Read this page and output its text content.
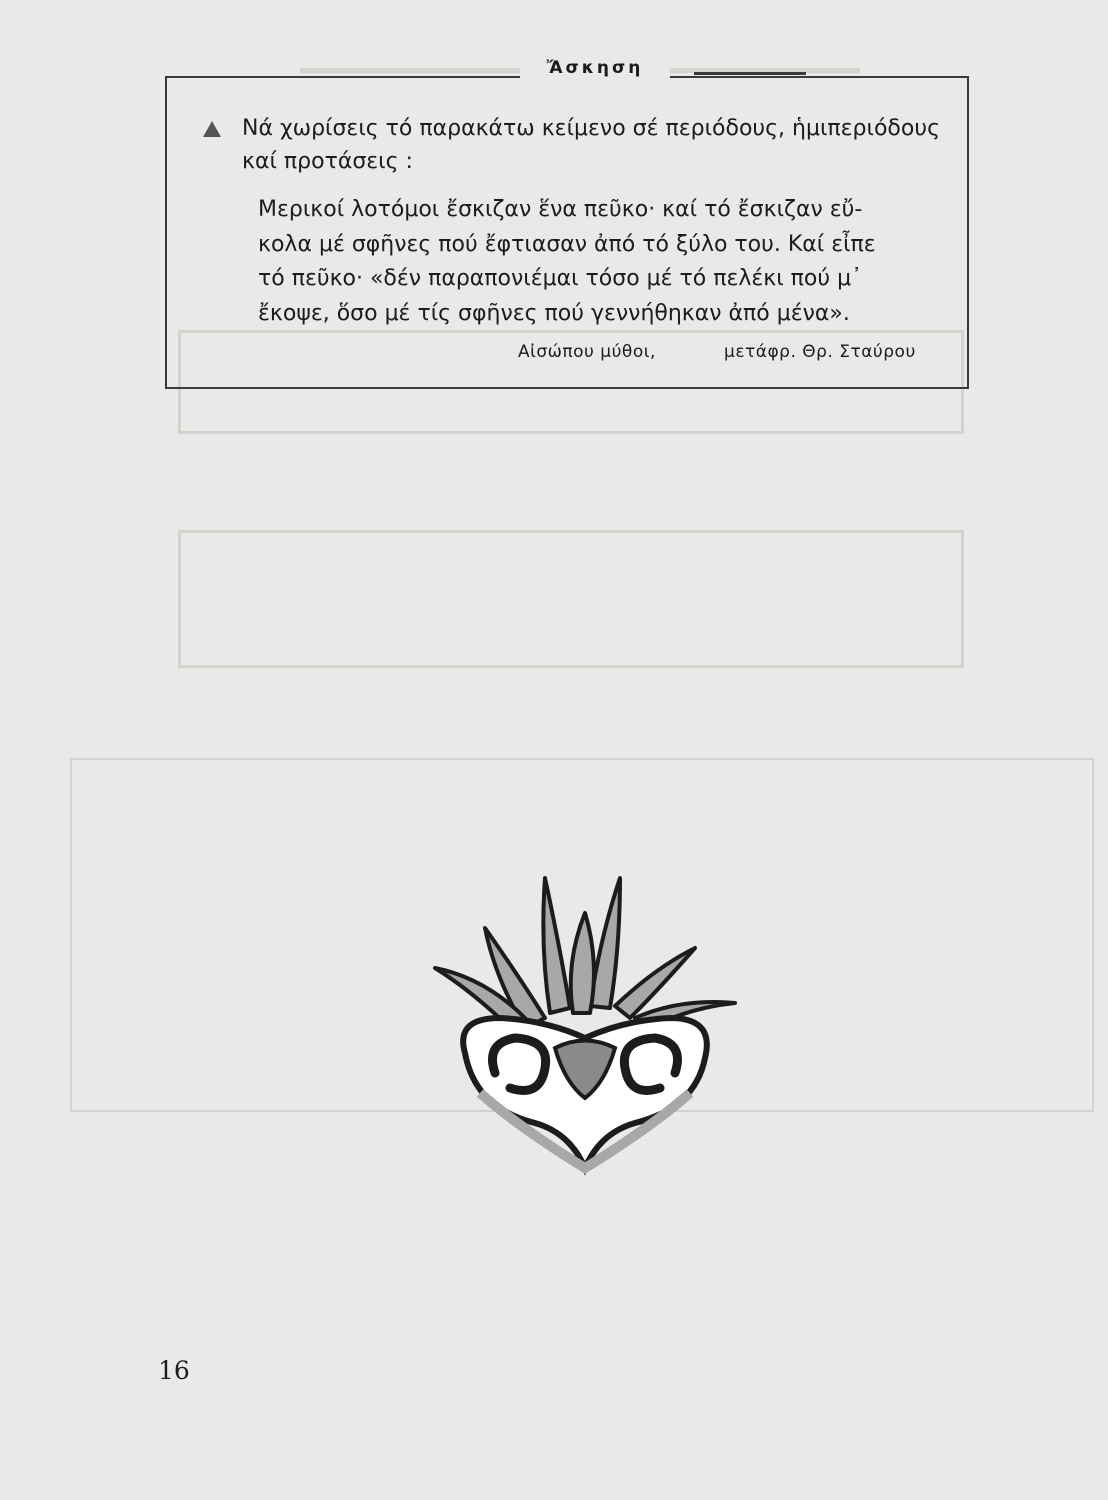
Ἄσκηση
Νά χωρίσεις τό παρακάτω κείμενο σέ περιόδους, ἡμιπεριόδους καί προτάσεις :
Μερικοί λοτόμοι ἔσκιζαν ἕνα πεῦκο· καί τό ἔσκιζαν εὔ-
κολα μέ σφῆνες πού ἔφτιασαν ἀπό τό ξύλο του. Καί εἶπε
τό πεῦκο· «δέν παραπονιέμαι τόσο μέ τό πελέκι πού μ᾽
ἔκοψε, ὅσο μέ τίς σφῆνες πού γεννήθηκαν ἀπό μένα».
Αἰσώπου μύθοι,	μετάφρ. Θρ. Σταύρου
16
